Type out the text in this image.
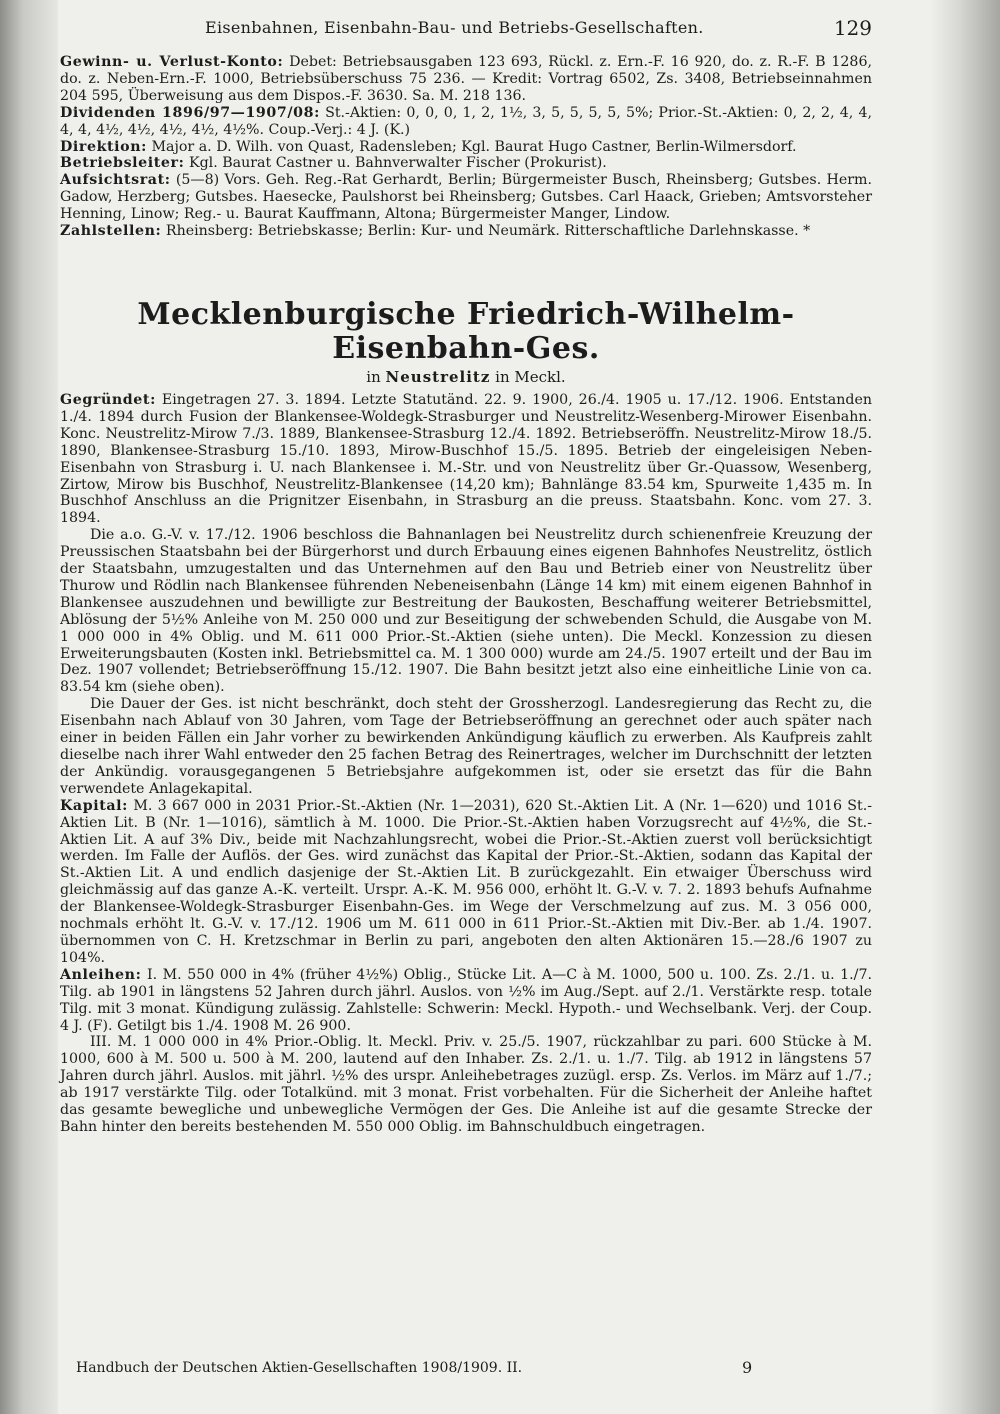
Eisenbahnen, Eisenbahn-Bau- und Betriebs-Gesellschaften.	129

Gewinn- u. Verlust-Konto: Debet: Betriebsausgaben 123 693, Rückl. z. Ern.-F. 16 920, do. z. R.-F. B 1286, do. z. Neben-Ern.-F. 1000, Betriebsüberschuss 75 236. — Kredit: Vortrag 6502, Zs. 3408, Betriebseinnahmen 204 595, Überweisung aus dem Dispos.-F. 3630. Sa. M. 218 136.

Dividenden 1896/97—1907/08: St.-Aktien: 0, 0, 0, 1, 2, 1½, 3, 5, 5, 5, 5, 5%; Prior.-St.-Aktien: 0, 2, 2, 4, 4, 4, 4, 4½, 4½, 4½, 4½, 4½%. Coup.-Verj.: 4 J. (K.)

Direktion: Major a. D. Wilh. von Quast, Radensleben; Kgl. Baurat Hugo Castner, Berlin-Wilmersdorf.

Betriebsleiter: Kgl. Baurat Castner u. Bahnverwalter Fischer (Prokurist).

Aufsichtsrat: (5—8) Vors. Geh. Reg.-Rat Gerhardt, Berlin; Bürgermeister Busch, Rheinsberg; Gutsbes. Herm. Gadow, Herzberg; Gutsbes. Haesecke, Paulshorst bei Rheinsberg; Gutsbes. Carl Haack, Grieben; Amtsvorsteher Henning, Linow; Reg.- u. Baurat Kauffmann, Altona; Bürgermeister Manger, Lindow.

Zahlstellen: Rheinsberg: Betriebskasse; Berlin: Kur- und Neumärk. Ritterschaftliche Darlehnskasse. *

Mecklenburgische Friedrich-Wilhelm-Eisenbahn-Ges.
in Neustrelitz in Meckl.

Gegründet: Eingetragen 27. 3. 1894. Letzte Statutänd. 22. 9. 1900, 26./4. 1905 u. 17./12. 1906. Entstanden 1./4. 1894 durch Fusion der Blankensee-Woldegk-Strasburger und Neustrelitz-Wesenberg-Mirower Eisenbahn. Konc. Neustrelitz-Mirow 7./3. 1889, Blankensee-Strasburg 12./4. 1892. Betriebseröffn. Neustrelitz-Mirow 18./5. 1890, Blankensee-Strasburg 15./10. 1893, Mirow-Buschhof 15./5. 1895. Betrieb der eingeleisigen Neben-Eisenbahn von Strasburg i. U. nach Blankensee i. M.-Str. und von Neustrelitz über Gr.-Quassow, Wesenberg, Zirtow, Mirow bis Buschhof, Neustrelitz-Blankensee (14,20 km); Bahnlänge 83.54 km, Spurweite 1,435 m. In Buschhof Anschluss an die Prignitzer Eisenbahn, in Strasburg an die preuss. Staatsbahn. Konc. vom 27. 3. 1894.

Die a.o. G.-V. v. 17./12. 1906 beschloss die Bahnanlagen bei Neustrelitz durch schienenfreie Kreuzung der Preussischen Staatsbahn bei der Bürgerhorst und durch Erbauung eines eigenen Bahnhofes Neustrelitz, östlich der Staatsbahn, umzugestalten und das Unternehmen auf den Bau und Betrieb einer von Neustrelitz über Thurow und Rödlin nach Blankensee führenden Nebeneisenbahn (Länge 14 km) mit einem eigenen Bahnhof in Blankensee auszudehnen und bewilligte zur Bestreitung der Baukosten, Beschaffung weiterer Betriebsmittel, Ablösung der 5½% Anleihe von M. 250 000 und zur Beseitigung der schwebenden Schuld, die Ausgabe von M. 1 000 000 in 4% Oblig. und M. 611 000 Prior.-St.-Aktien (siehe unten). Die Meckl. Konzession zu diesen Erweiterungsbauten (Kosten inkl. Betriebsmittel ca. M. 1 300 000) wurde am 24./5. 1907 erteilt und der Bau im Dez. 1907 vollendet; Betriebseröffnung 15./12. 1907. Die Bahn besitzt jetzt also eine einheitliche Linie von ca. 83.54 km (siehe oben).

Die Dauer der Ges. ist nicht beschränkt, doch steht der Grossherzogl. Landesregierung das Recht zu, die Eisenbahn nach Ablauf von 30 Jahren, vom Tage der Betriebseröffnung an gerechnet oder auch später nach einer in beiden Fällen ein Jahr vorher zu bewirkenden Ankündigung käuflich zu erwerben. Als Kaufpreis zahlt dieselbe nach ihrer Wahl entweder den 25 fachen Betrag des Reinertrages, welcher im Durchschnitt der letzten der Ankündig. vorausgegangenen 5 Betriebsjahre aufgekommen ist, oder sie ersetzt das für die Bahn verwendete Anlagekapital.

Kapital: M. 3 667 000 in 2031 Prior.-St.-Aktien (Nr. 1—2031), 620 St.-Aktien Lit. A (Nr. 1—620) und 1016 St.-Aktien Lit. B (Nr. 1—1016), sämtlich à M. 1000. Die Prior.-St.-Aktien haben Vorzugsrecht auf 4½%, die St.-Aktien Lit. A auf 3% Div., beide mit Nachzahlungsrecht, wobei die Prior.-St.-Aktien zuerst voll berücksichtigt werden. Im Falle der Auflös. der Ges. wird zunächst das Kapital der Prior.-St.-Aktien, sodann das Kapital der St.-Aktien Lit. A und endlich dasjenige der St.-Aktien Lit. B zurückgezahlt. Ein etwaiger Überschuss wird gleichmässig auf das ganze A.-K. verteilt. Urspr. A.-K. M. 956 000, erhöht lt. G.-V. v. 7. 2. 1893 behufs Aufnahme der Blankensee-Woldegk-Strasburger Eisenbahn-Ges. im Wege der Verschmelzung auf zus. M. 3 056 000, nochmals erhöht lt. G.-V. v. 17./12. 1906 um M. 611 000 in 611 Prior.-St.-Aktien mit Div.-Ber. ab 1./4. 1907. übernommen von C. H. Kretzschmar in Berlin zu pari, angeboten den alten Aktionären 15.—28./6 1907 zu 104%.

Anleihen: I. M. 550 000 in 4% (früher 4½%) Oblig., Stücke Lit. A—C à M. 1000, 500 u. 100. Zs. 2./1. u. 1./7. Tilg. ab 1901 in längstens 52 Jahren durch jährl. Auslos. von ½% im Aug./Sept. auf 2./1. Verstärkte resp. totale Tilg. mit 3 monat. Kündigung zulässig. Zahlstelle: Schwerin: Meckl. Hypoth.- und Wechselbank. Verj. der Coup. 4 J. (F). Getilgt bis 1./4. 1908 M. 26 900.

III. M. 1 000 000 in 4% Prior.-Oblig. lt. Meckl. Priv. v. 25./5. 1907, rückzahlbar zu pari. 600 Stücke à M. 1000, 600 à M. 500 u. 500 à M. 200, lautend auf den Inhaber. Zs. 2./1. u. 1./7. Tilg. ab 1912 in längstens 57 Jahren durch jährl. Auslos. mit jährl. ½% des urspr. Anleihebetrages zuzügl. ersp. Zs. Verlos. im März auf 1./7.; ab 1917 verstärkte Tilg. oder Totalkünd. mit 3 monat. Frist vorbehalten. Für die Sicherheit der Anleihe haftet das gesamte bewegliche und unbewegliche Vermögen der Ges. Die Anleihe ist auf die gesamte Strecke der Bahn hinter den bereits bestehenden M. 550 000 Oblig. im Bahnschuldbuch eingetragen.

Handbuch der Deutschen Aktien-Gesellschaften 1908/1909. II.	9
